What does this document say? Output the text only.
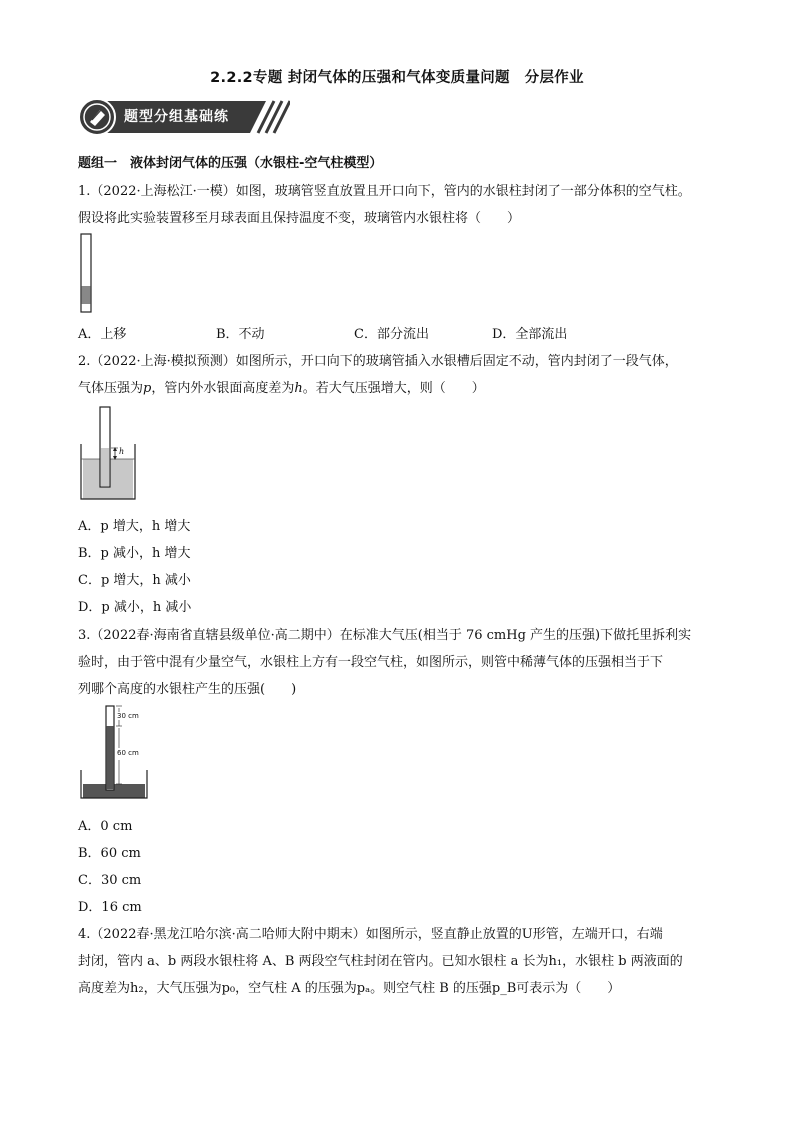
2.2.2专题 封闭气体的压强和气体变质量问题　分层作业
题型分组基础练
题组一　液体封闭气体的压强（水银柱-空气柱模型）
1.（2022·上海松江·一模）如图，玻璃管竖直放置且开口向下，管内的水银柱封闭了一部分体积的空气柱。
假设将此实验装置移至月球表面且保持温度不变，玻璃管内水银柱将（　　）
A．上移	B．不动	C．部分流出	D．全部流出
2.（2022·上海·模拟预测）如图所示，开口向下的玻璃管插入水银槽后固定不动，管内封闭了一段气体，
气体压强为p，管内外水银面高度差为h。若大气压强增大，则（　　）
h
A．p 增大，h 增大
B．p 减小，h 增大
C．p 增大，h 减小
D．p 减小，h 减小
3.（2022春·海南省直辖县级单位·高二期中）在标准大气压(相当于 76 cmHg 产生的压强)下做托里拆利实
验时，由于管中混有少量空气，水银柱上方有一段空气柱，如图所示，则管中稀薄气体的压强相当于下
列哪个高度的水银柱产生的压强(　　)
30 cm
60 cm
A．0 cm
B．60 cm
C．30 cm
D．16 cm
4.（2022春·黑龙江哈尔滨·高二哈师大附中期末）如图所示，竖直静止放置的U形管，左端开口，右端
封闭，管内 a、b 两段水银柱将 A、B 两段空气柱封闭在管内。已知水银柱 a 长为h₁，水银柱 b 两液面的
高度差为h₂，大气压强为p₀，空气柱 A 的压强为pₐ。则空气柱 B 的压强p_B可表示为（　　）
